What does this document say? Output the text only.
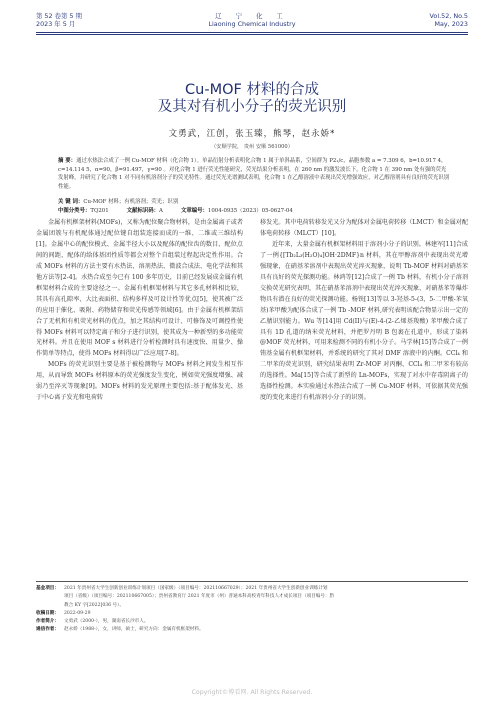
第 52 卷第 5 期
2023 年 5 月
辽 宁 化 工
Liaoning Chemical Industry
Vol.52, No.5
May, 2023
Cu-MOF 材料的合成
及其对有机小分子的荧光识别
文勇武，江创，张玉臻，熊琴，赵永娇*
（安顺学院， 贵州 安顺 561000）

摘 要：通过水热法合成了一例 Cu-MOF 材料（化合物 1）。单晶衍射分析表明化合物 1 属于单斜晶系，空间群为 P2₁/c，晶胞参数 a = 7.309 6，b=10.917 4，c=14.114 5，α=90，β=91.497，γ=90 。对化合物 1 进行荧光性能研究，荧光结果分析表明，在 260 nm 的激发波长下，化合物 1 在 390 nm 处有强的荧光发射峰，并研究了化合物 1 对不同有机溶剂分子的荧光特性。通过荧光光谱测试表明，化合物 1 在乙醇溶液中表现出荧光增强效应，对乙醇溶剂具有良好的荧光识别性能。

关 键 词：Cu-MOF 材料；有机溶剂；荧光；识别

中图分类号：TQ201	文献标识码：A	文章编号：1004-0935（2023）05-0627-04

金属有机框架材料(MOFs)，又称为配位聚合物材料，是由金属离子或者金属团簇与有机配体通过配位键自组装连接而成的一维、二维或三维结构[1]。金属中心的配位模式、金属半径大小以及配体的配位齿的数目、配位点间的间距、配体的给体基团性质等都会对整个自组装过程起决定性作用。合成 MOFs 材料的方法主要有水热法、溶剂热法、微波合成法、电化学法和其他方法等[2-4]。水热合成至今已有 100 多年历史，目前已经发展成金属有机框架材料合成的主要途径之一。金属有机框架材料与其它多孔材料相比较，其具有高孔隙率、大比表面积、结构多样及可设计性等优点[5]，使其被广泛的应用于催化、吸附、药物储存和荧光传感等领域[6]。由于金属有机框架结合了无机和有机荧光材料的优点，加之其结构可设计、可修饰及可调控性使得 MOFs 材料可以特定离子和分子进行识别，使其成为一种新型的多功能荧光材料。并且在使用 MOF s 材料进行分析检测时具有速度快、用量少、操作简单等特点，使得 MOFs 材料得以广泛应用[7-8]。

MOFs 的荧光识别主要是基于被检测物与 MOFs 材料之间发生相互作用，从而导致 MOFs 材料原本的荧光强度发生变化，例如荧光强度增强、减弱乃至淬灭等现象[9]。MOFs 材料的发光原理主要包括:基于配体发光、基于中心离子发光和电荷转

移发光。其中电荷转移发光又分为配体对金属电荷转移（LMCT）和金属对配体电荷转移（MLCT）[10]。

近年来，大量金属有机框架材料用于溶剂小分子的识别。林建军[11]合成了一例{[Tb₂L₃(H₂O)₄]OH·2DMF}n 材料，其在甲醇溶剂中表现出荧光增强现象，在硝基苯溶剂中表现出荧光淬灭现象，说明 Tb-MOF 材料对硝基苯具有良好的荧光探测功能。林鸿等[12]合成了一例 Tb 材料，有机小分子溶剂交换荧光研究表明，其在硝基苯溶剂中表现出荧光淬灭现象，对硝基苯等爆炸物具有潜在良好的荧光探测功能。杨铁[13]等以 3-羟基-5-(3，5-二甲酸-苯氧基)苯甲酸为配体合成了一例 Tb -MOF 材料,研究表明该配合物显示出一定的乙腈识别能力。Wu 等[14]用 Cd(II)与(E)-4-(2-乙烯基羧酸) 苯甲酸合成了具有 1D 孔道的纳米荧光材料，并把罗丹明 B 包裹在孔道中，形成了染料@MOF 荧光材料，可用来检测不同的有机小分子。马学林[15]等合成了一例铕基金属有机框架材料，并系统的研究了其对 DMF 溶液中的内酮。CCl₄ 和二甲苯的荧光识别，研究结果表明 Zr-MOF 对丙酮、CCl₄ 和二甲苯有较高的选择性。Ma[15]等合成了新型的 Ln-MOFs，实现了对水中存毒阴离子的选择性检测。本实验通过水热法合成了一例 Cu-MOF 材料，可依据其荧光强度的变化来进行有机溶剂小分子的识别。

基金项目： 2021 年贵州省大学生创新创业训练计划项目（国家级）（项目编号：202110667029）；2021 年贵州省大学生创新创业训练计划

项目（省级）（项目编号：202110667005）；贵州省教育厅 2021 年度市（州）普通本科高校青年科技人才成长项目（项目编号：黔

教合 KY 字[2022]036 号）。

收稿日期： 2022-09-29

作者简介： 文勇武（2000-），男，湖南省长沙市人。

通信作者： 赵永娇（1988-），女，讲师，硕士，研究方向：金属有机框架材料。

Copyright©博看网. All Rights Reserved.
